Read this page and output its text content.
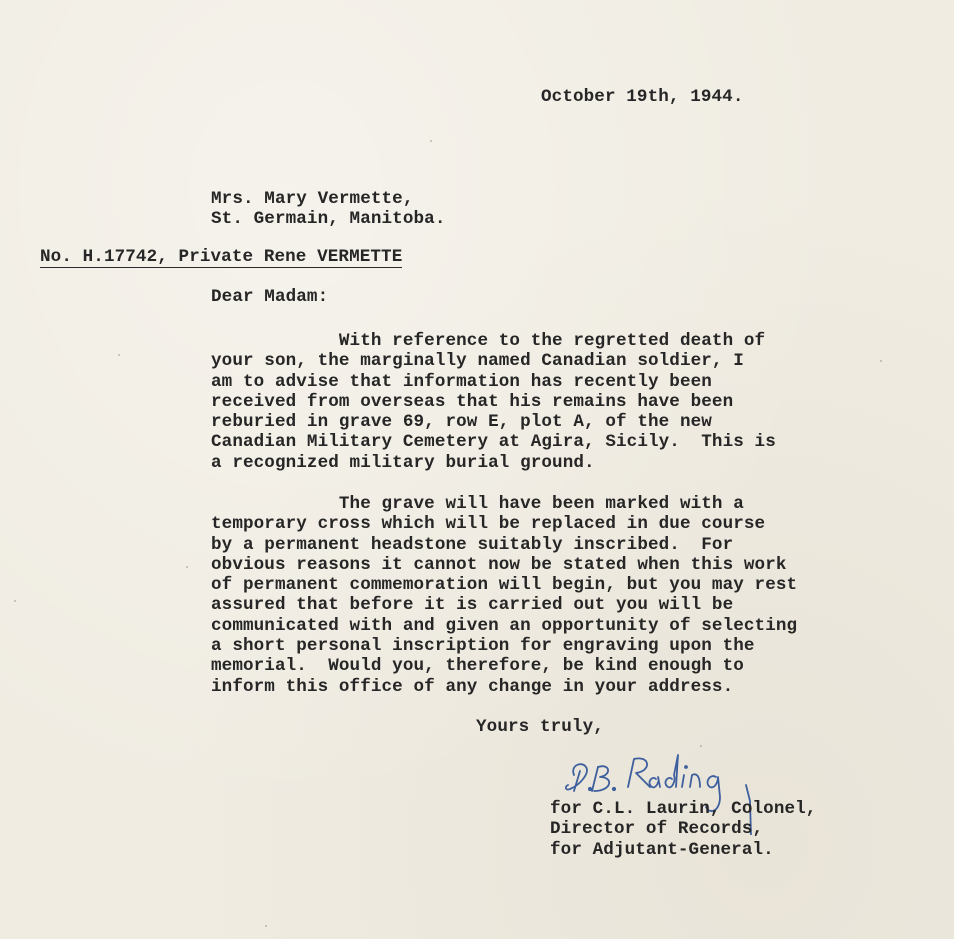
October 19th, 1944.
Mrs. Mary Vermette,
St. Germain, Manitoba.
No. H.17742, Private Rene VERMETTE
Dear Madam:
With reference to the regretted death of
your son, the marginally named Canadian soldier, I
am to advise that information has recently been
received from overseas that his remains have been
reburied in grave 69, row E, plot A, of the new
Canadian Military Cemetery at Agira, Sicily.  This is
a recognized military burial ground.
The grave will have been marked with a
temporary cross which will be replaced in due course
by a permanent headstone suitably inscribed.  For
obvious reasons it cannot now be stated when this work
of permanent commemoration will begin, but you may rest
assured that before it is carried out you will be
communicated with and given an opportunity of selecting
a short personal inscription for engraving upon the
memorial.  Would you, therefore, be kind enough to
inform this office of any change in your address.
Yours truly,
for C.L. Laurin, Colonel,
Director of Records,
for Adjutant-General.
